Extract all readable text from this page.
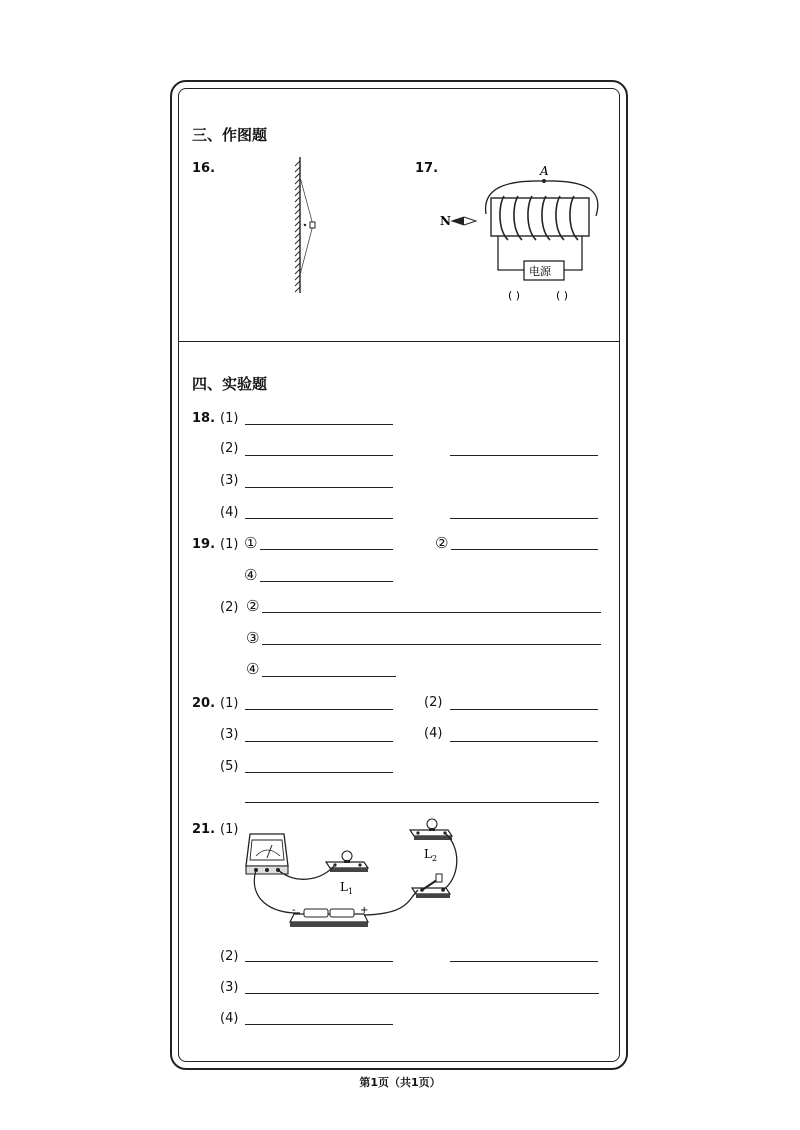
三、作图题
16.	17.	A
电源
( )	( )
N
四、实验题
18. (1)
(2)
(3)
(4)
19. (1) ①	②
④
(2) ②
③
④
20. (1)	(2)
(3)	(4)
(5)
21. (1)
L 1
L 2
-	+
(2)
(3)
(4)
第1页（共1页）
